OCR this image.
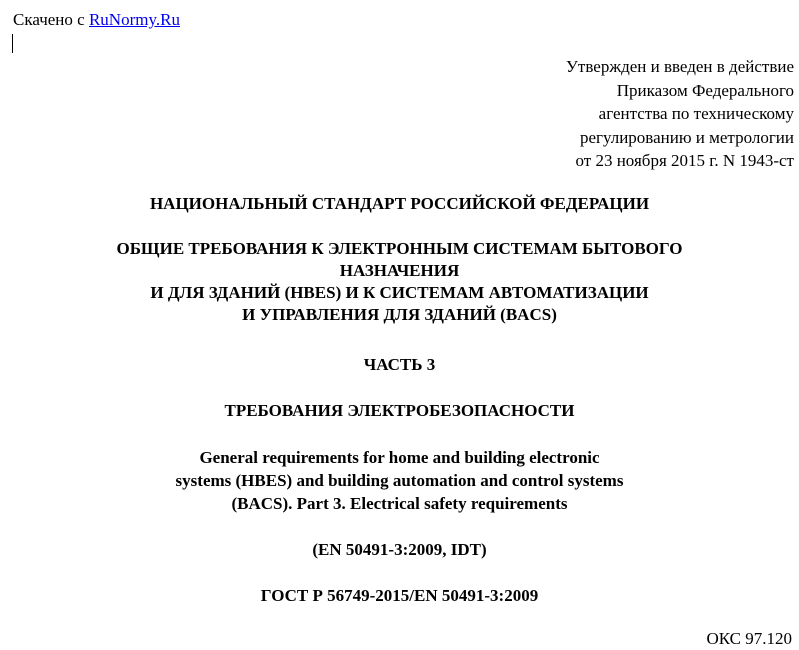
Скачено с RuNormy.Ru
Утвержден и введен в действие
Приказом Федерального
агентства по техническому
регулированию и метрологии
от 23 ноября 2015 г. N 1943-ст
НАЦИОНАЛЬНЫЙ СТАНДАРТ РОССИЙСКОЙ ФЕДЕРАЦИИ
ОБЩИЕ ТРЕБОВАНИЯ К ЭЛЕКТРОННЫМ СИСТЕМАМ БЫТОВОГО
НАЗНАЧЕНИЯ
И ДЛЯ ЗДАНИЙ (HBES) И К СИСТЕМАМ АВТОМАТИЗАЦИИ
И УПРАВЛЕНИЯ ДЛЯ ЗДАНИЙ (BACS)
ЧАСТЬ 3
ТРЕБОВАНИЯ ЭЛЕКТРОБЕЗОПАСНОСТИ
General requirements for home and building electronic
systems (HBES) and building automation and control systems
(BACS). Part 3. Electrical safety requirements
(EN 50491-3:2009, IDT)
ГОСТ Р 56749-2015/EN 50491-3:2009
ОКС 97.120
